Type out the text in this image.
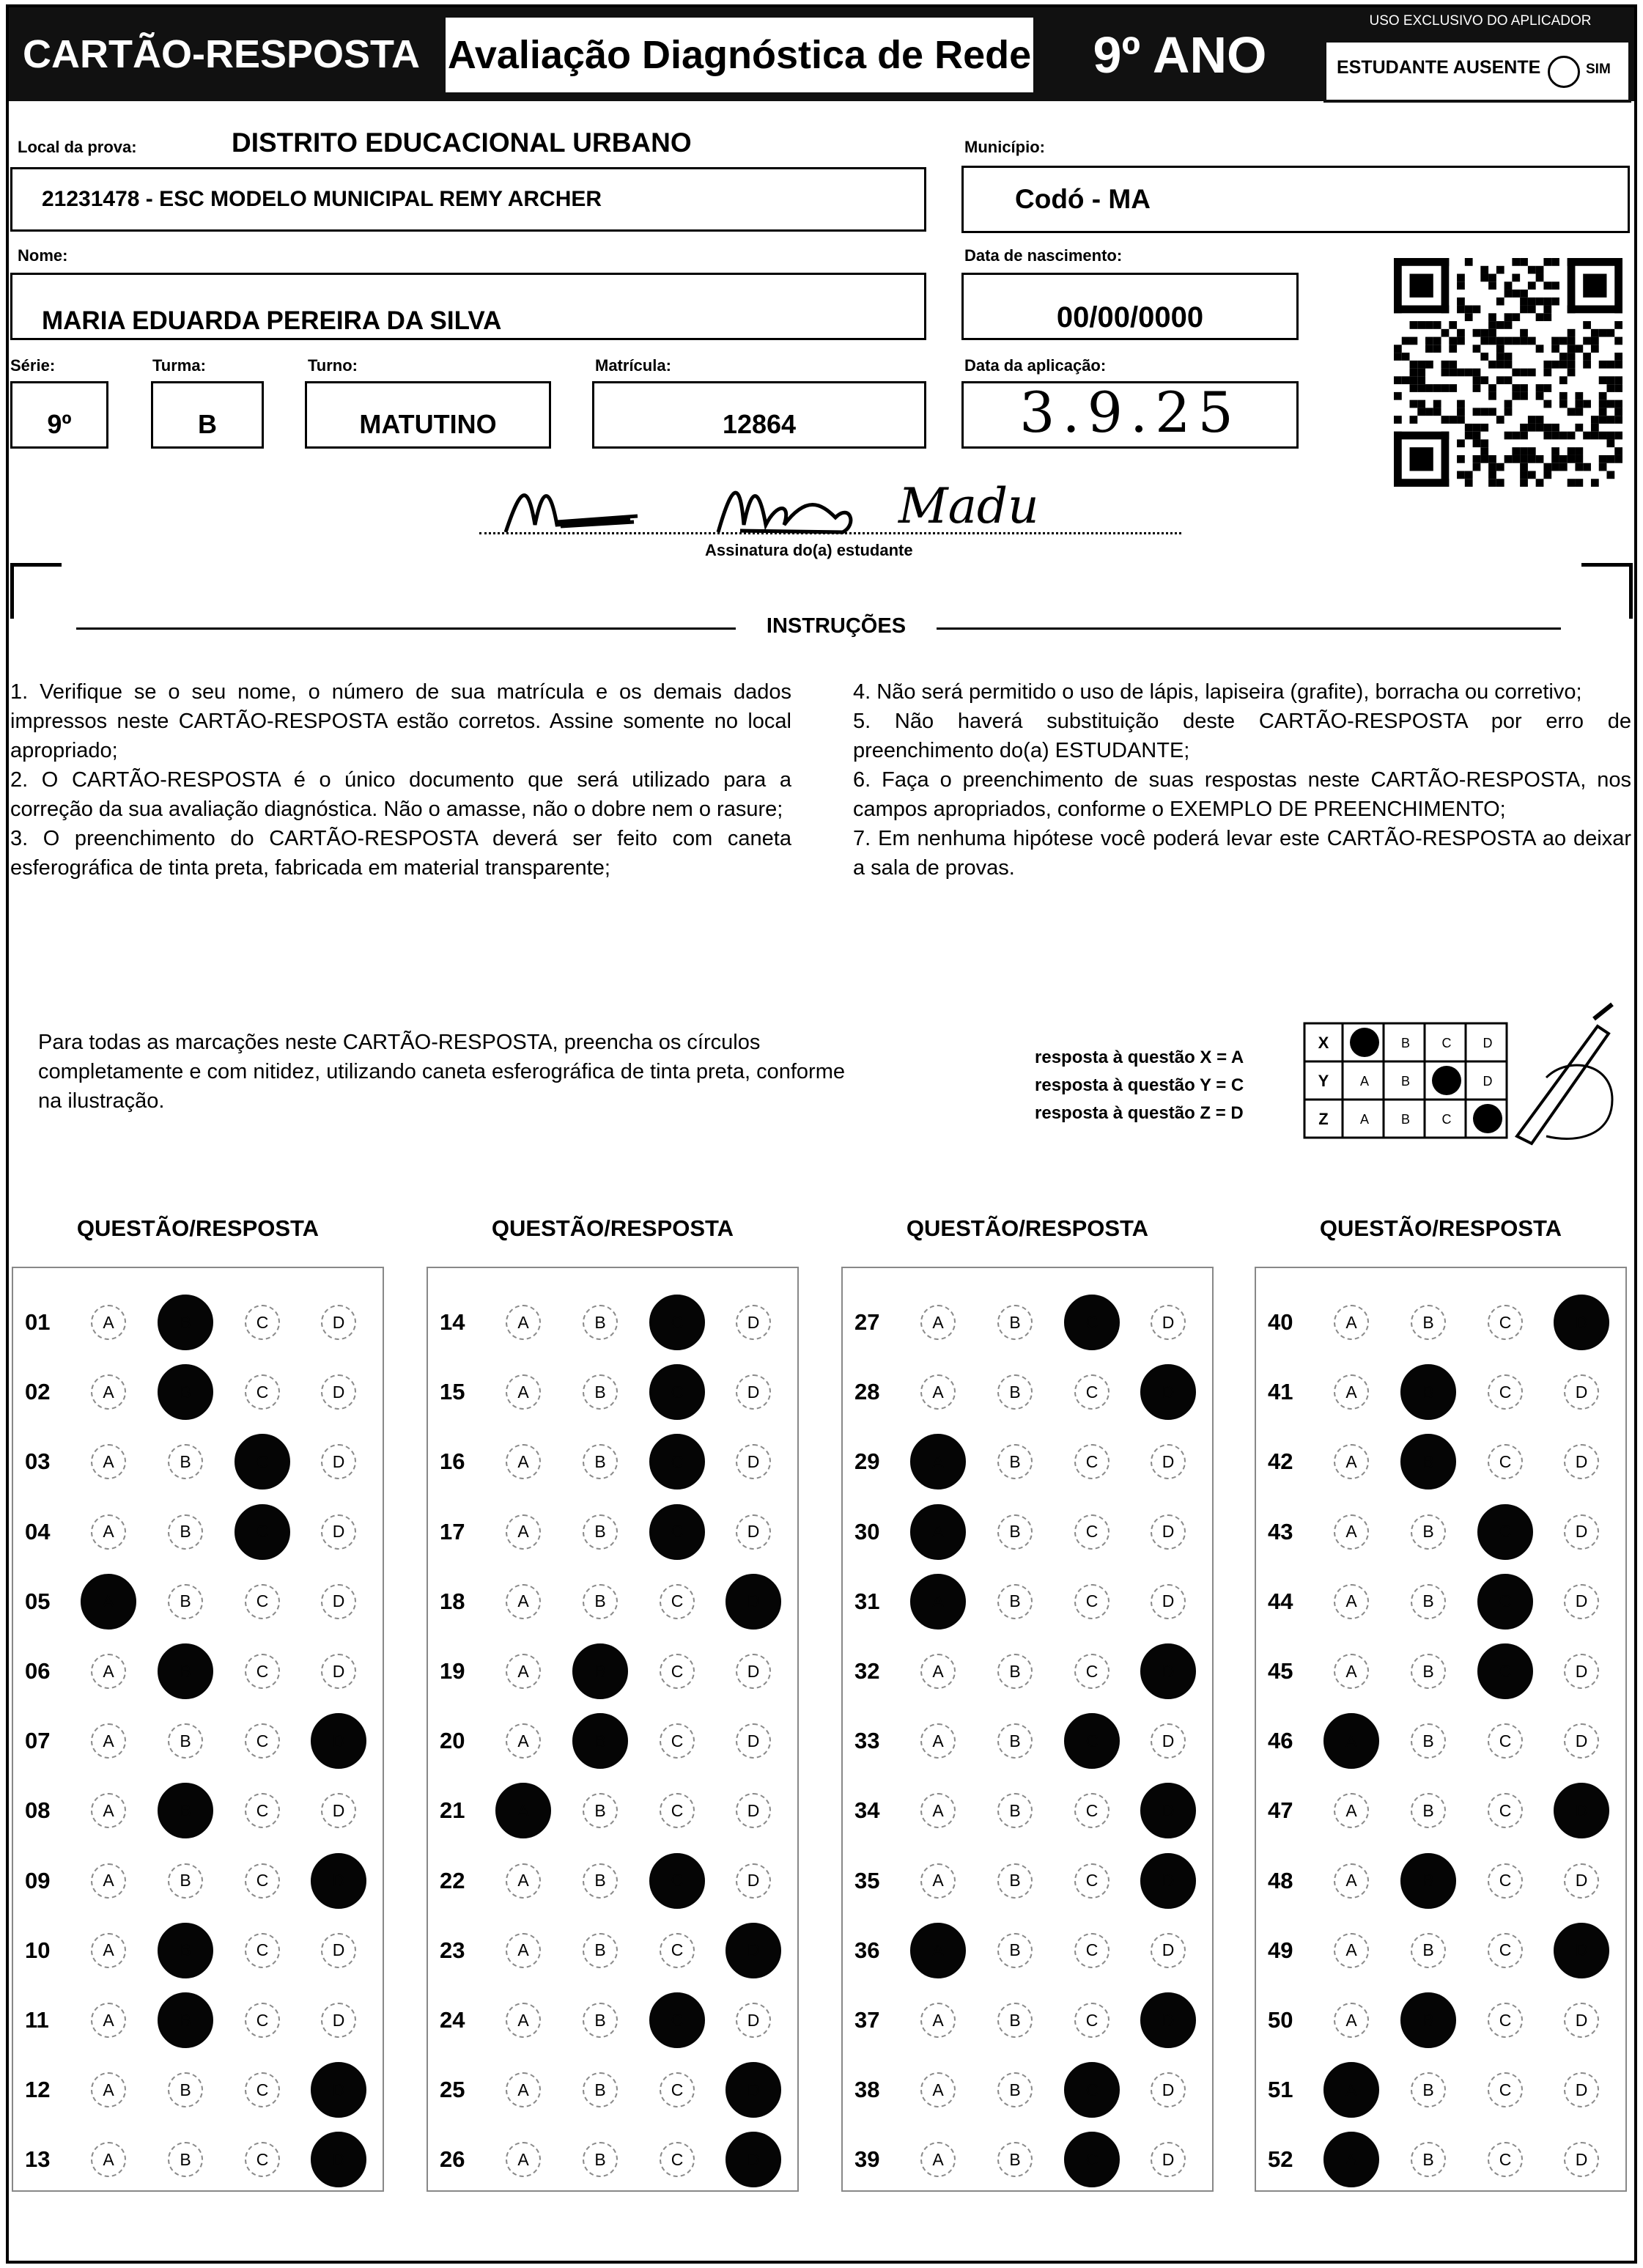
CARTÃO-RESPOSTA Avaliação Diagnóstica de Rede	9º ANO
USO EXCLUSIVO DO APLICADOR
ESTUDANTE AUSENTE	SIM
Local da prova:	DISTRITO EDUCACIONAL URBANO
21231478 - ESC MODELO MUNICIPAL REMY ARCHER
Município:
Codó - MA
Nome:
MARIA EDUARDA PEREIRA DA SILVA
Data de nascimento:
00/00/0000
Série:
9º
Turma:
B
Turno:
MATUTINO
Matrícula:
12864
Data da aplicação:
3.9.25
Madu
Assinatura do(a) estudante
INSTRUÇÕES

1. Verifique se o seu nome, o número de sua matrícula e os demais dados impressos neste CARTÃO-RESPOSTA estão corretos. Assine somente no local apropriado;

2. O CARTÃO-RESPOSTA é o único documento que será utilizado para a correção da sua avaliação diagnóstica. Não o amasse, não o dobre nem o rasure;

3. O preenchimento do CARTÃO-RESPOSTA deverá ser feito com caneta esferográfica de tinta preta, fabricada em material transparente;

4. Não será permitido o uso de lápis, lapiseira (grafite), borracha ou corretivo;

5. Não haverá substituição deste CARTÃO-RESPOSTA por erro de preenchimento do(a) ESTUDANTE;

6. Faça o preenchimento de suas respostas neste CARTÃO-RESPOSTA, nos campos apropriados, conforme o EXEMPLO DE PREENCHIMENTO;

7. Em nenhuma hipótese você poderá levar este CARTÃO-RESPOSTA ao deixar a sala de provas.

Para todas as marcações neste CARTÃO-RESPOSTA, preencha os círculos completamente e com nitidez, utilizando caneta esferográfica de tinta preta, conforme na ilustração.
resposta à questão X = A
resposta à questão Y = C
resposta à questão Z = D
X	B C D
Y A B	D
Z A B C
QUESTÃO/RESPOSTA
01	A	B	C	D
02	A	B	C	D
03	A	B	C	D
04	A	B	C	D
05	A	B	C	D
06	A	B	C	D
07	A	B	C	D
08	A	B	C	D
09	A	B	C	D
10	A	B	C	D
11	A	B	C	D
12	A	B	C	D
13	A	B	C	D
QUESTÃO/RESPOSTA
14	A	B	C	D
15	A	B	C	D
16	A	B	C	D
17	A	B	C	D
18	A	B	C	D
19	A	B	C	D
20	A	B	C	D
21	A	B	C	D
22	A	B	C	D
23	A	B	C	D
24	A	B	C	D
25	A	B	C	D
26	A	B	C	D
QUESTÃO/RESPOSTA
27	A	B	C	D
28	A	B	C	D
29	A	B	C	D
30	A	B	C	D
31	A	B	C	D
32	A	B	C	D
33	A	B	C	D
34	A	B	C	D
35	A	B	C	D
36	A	B	C	D
37	A	B	C	D
38	A	B	C	D
39	A	B	C	D
QUESTÃO/RESPOSTA
40	A	B	C	D
41	A	B	C	D
42	A	B	C	D
43	A	B	C	D
44	A	B	C	D
45	A	B	C	D
46	A	B	C	D
47	A	B	C	D
48	A	B	C	D
49	A	B	C	D
50	A	B	C	D
51	A	B	C	D
52	A	B	C	D
